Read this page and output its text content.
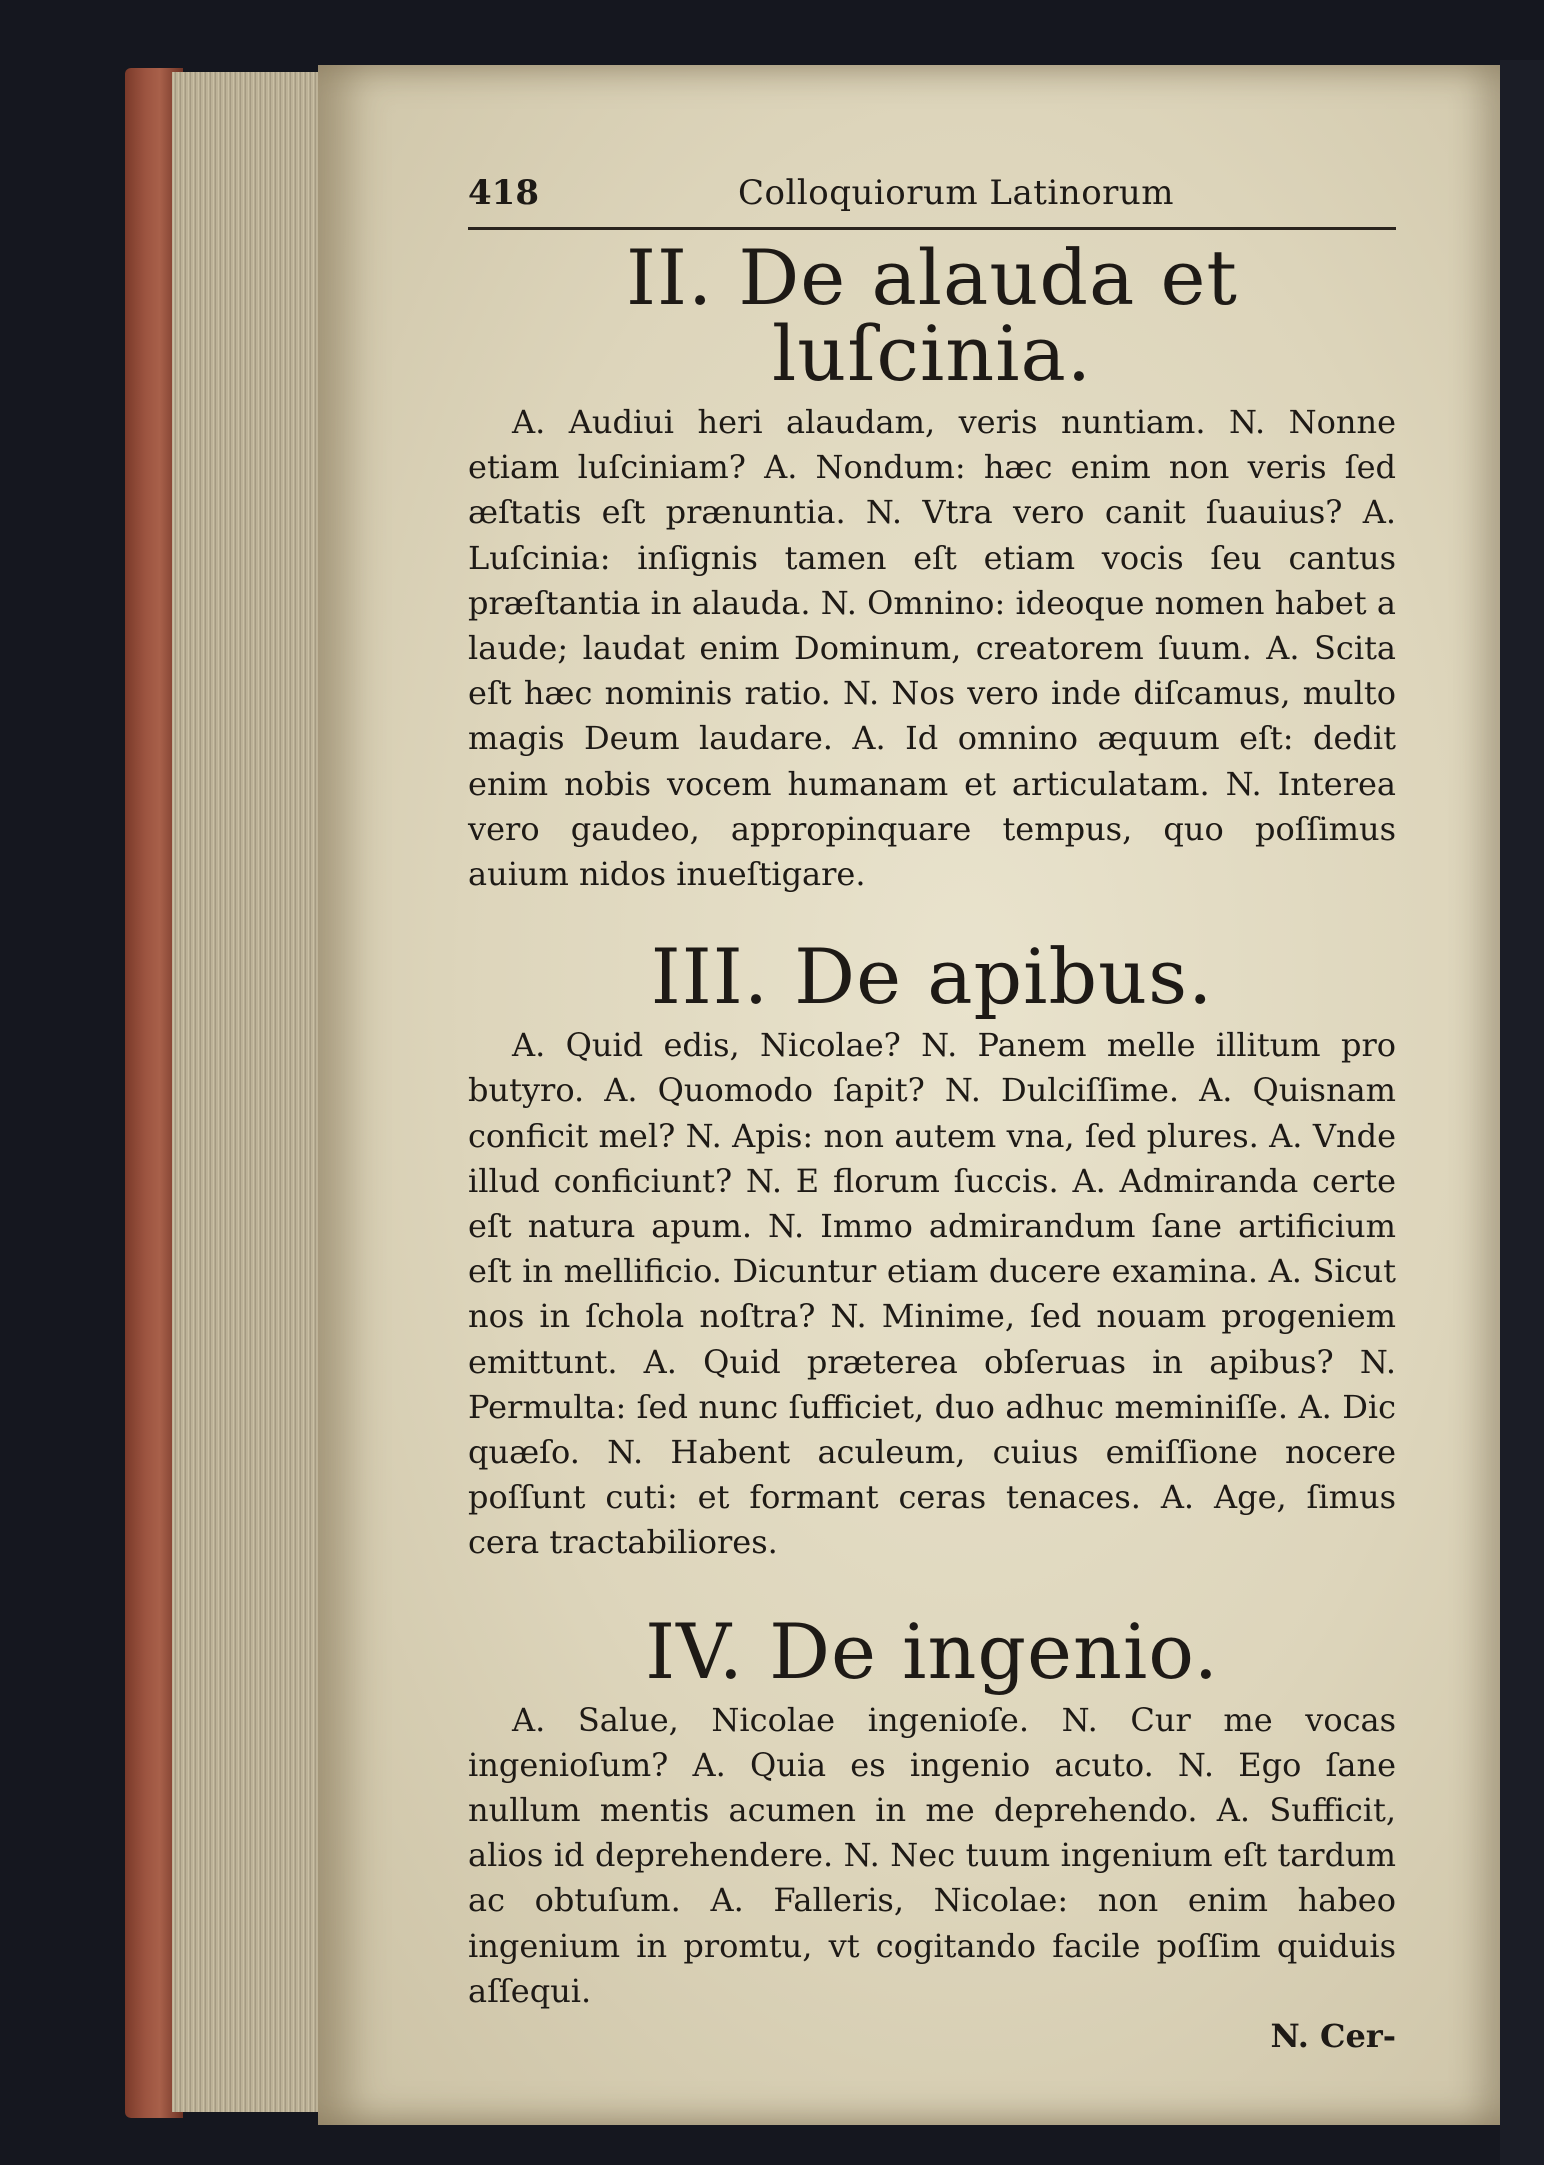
418	Colloquiorum Latinorum
II. De alauda et luſcinia.

A. Audiui heri alaudam, veris nuntiam. N. Nonne etiam luſciniam? A. Nondum: hæc enim non veris ſed æſtatis eſt prænuntia. N. Vtra vero canit ſuauius? A. Luſcinia: inſignis tamen eſt etiam vocis ſeu cantus præſtantia in alauda. N. Omnino: ideoque nomen habet a laude; laudat enim Dominum, creatorem ſuum. A. Scita eſt hæc nominis ratio. N. Nos vero inde diſcamus, multo magis Deum laudare. A. Id omnino æquum eſt: dedit enim nobis vocem humanam et articulatam. N. Interea vero gaudeo, appropinquare tempus, quo poſſimus auium nidos inueſtigare.

III. De apibus.

A. Quid edis, Nicolae? N. Panem melle illitum pro butyro. A. Quomodo ſapit? N. Dulciſſime. A. Quisnam conficit mel? N. Apis: non autem vna, ſed plures. A. Vnde illud conficiunt? N. E florum ſuccis. A. Admiranda certe eſt natura apum. N. Immo admirandum ſane artificium eſt in mellificio. Dicuntur etiam ducere examina. A. Sicut nos in ſchola noſtra? N. Minime, ſed nouam progeniem emittunt. A. Quid præterea obſeruas in apibus? N. Permulta: ſed nunc ſufficiet, duo adhuc meminiſſe. A. Dic quæſo. N. Habent aculeum, cuius emiſſione nocere poſſunt cuti: et formant ceras tenaces. A. Age, ſimus cera tractabiliores.

IV. De ingenio.

A. Salue, Nicolae ingenioſe. N. Cur me vocas ingenioſum? A. Quia es ingenio acuto. N. Ego ſane nullum mentis acumen in me deprehendo. A. Sufficit, alios id deprehendere. N. Nec tuum ingenium eſt tardum ac obtuſum. A. Falleris, Nicolae: non enim habeo ingenium in promtu, vt cogitando facile poſſim quiduis aſſequi.

N. Cer-
